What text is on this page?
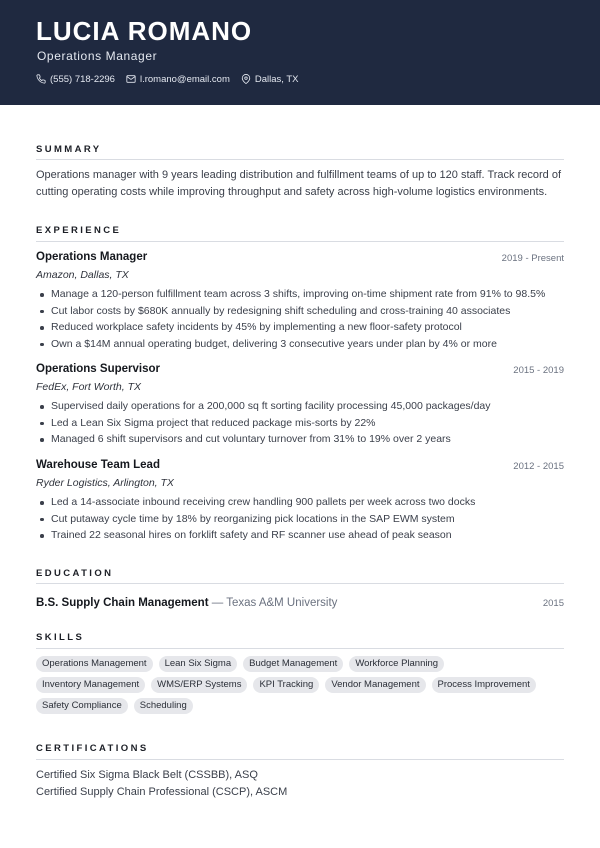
LUCIA ROMANO
Operations Manager
(555) 718-2296	l.romano@email.com	Dallas, TX
SUMMARY
Operations manager with 9 years leading distribution and fulfillment teams of up to 120 staff. Track record of cutting operating costs while improving throughput and safety across high-volume logistics environments.
EXPERIENCE
Operations Manager	2019 - Present
Amazon, Dallas, TX
Manage a 120-person fulfillment team across 3 shifts, improving on-time shipment rate from 91% to 98.5%
Cut labor costs by $680K annually by redesigning shift scheduling and cross-training 40 associates
Reduced workplace safety incidents by 45% by implementing a new floor-safety protocol
Own a $14M annual operating budget, delivering 3 consecutive years under plan by 4% or more
Operations Supervisor	2015 - 2019
FedEx, Fort Worth, TX
Supervised daily operations for a 200,000 sq ft sorting facility processing 45,000 packages/day
Led a Lean Six Sigma project that reduced package mis-sorts by 22%
Managed 6 shift supervisors and cut voluntary turnover from 31% to 19% over 2 years
Warehouse Team Lead	2012 - 2015
Ryder Logistics, Arlington, TX
Led a 14-associate inbound receiving crew handling 900 pallets per week across two docks
Cut putaway cycle time by 18% by reorganizing pick locations in the SAP EWM system
Trained 22 seasonal hires on forklift safety and RF scanner use ahead of peak season
EDUCATION
B.S. Supply Chain Management — Texas A&M University	2015
SKILLS
Operations Management	Lean Six Sigma	Budget Management	Workforce Planning
Inventory Management	WMS/ERP Systems	KPI Tracking	Vendor Management	Process Improvement
Safety Compliance	Scheduling
CERTIFICATIONS
Certified Six Sigma Black Belt (CSSBB), ASQ
Certified Supply Chain Professional (CSCP), ASCM
